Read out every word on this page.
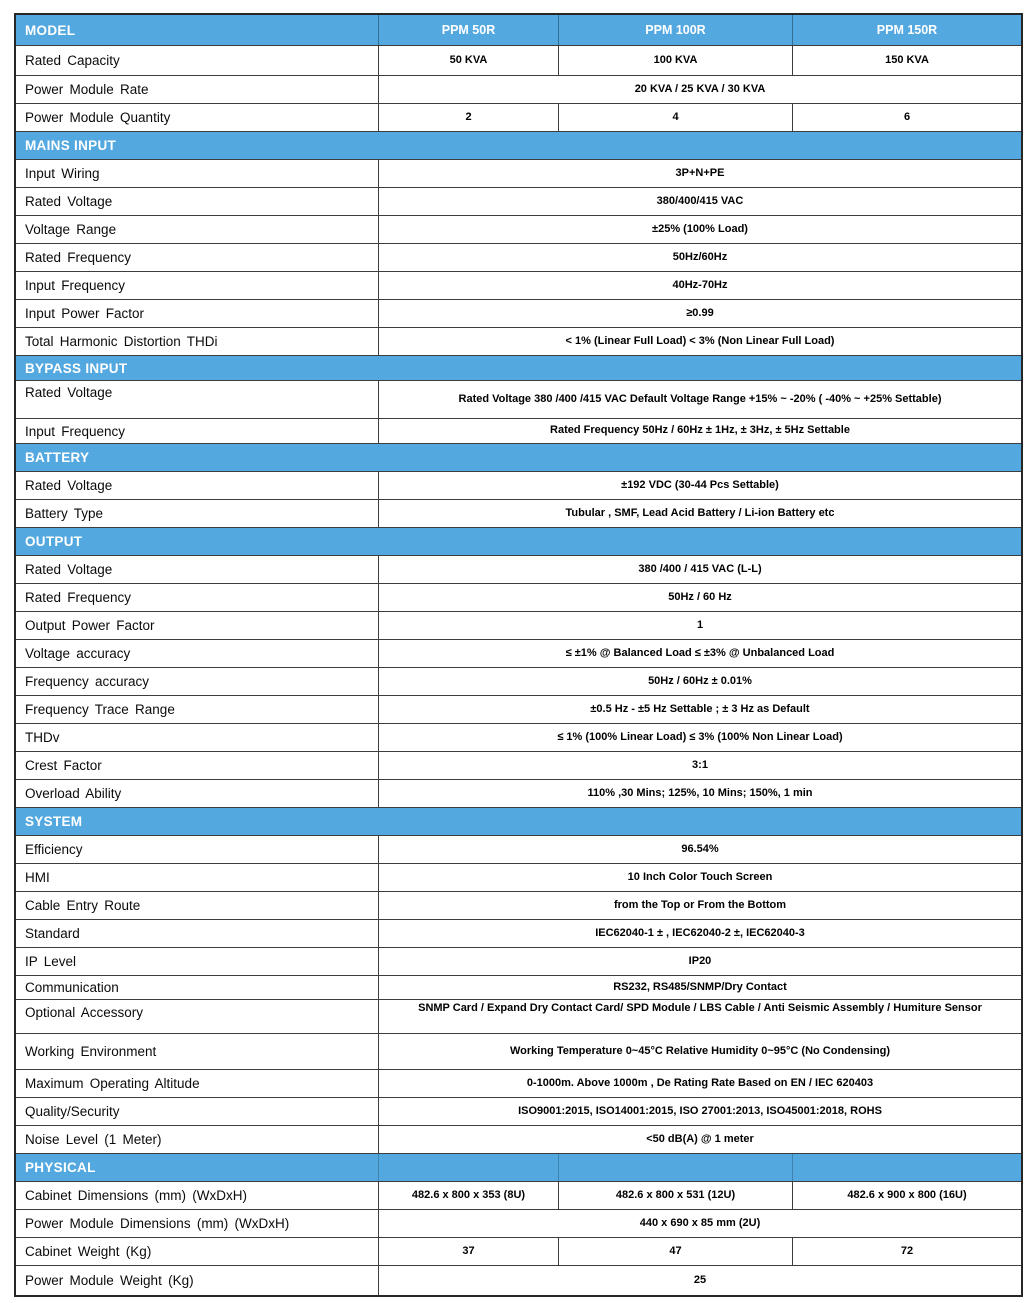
MODEL	PPM 50R	PPM 100R	PPM 150R
Rated Capacity	50 KVA	100 KVA	150 KVA
Power Module Rate	20 KVA / 25 KVA / 30 KVA
Power Module Quantity	2	4	6
MAINS INPUT
Input Wiring	3P+N+PE
Rated Voltage	380/400/415 VAC
Voltage Range	±25% (100% Load)
Rated Frequency	50Hz/60Hz
Input Frequency	40Hz-70Hz
Input Power Factor	≥0.99
Total Harmonic Distortion THDi	< 1% (Linear Full Load) < 3% (Non Linear Full Load)
BYPASS INPUT
Rated Voltage	Rated Voltage 380 /400 /415 VAC Default Voltage Range +15% ~ -20% ( -40% ~ +25% Settable)
Input Frequency	Rated Frequency 50Hz / 60Hz ± 1Hz, ± 3Hz, ± 5Hz Settable
BATTERY
Rated Voltage	±192 VDC (30-44 Pcs Settable)
Battery Type	Tubular , SMF, Lead Acid Battery / Li-ion Battery etc
OUTPUT
Rated Voltage	380 /400 / 415 VAC (L-L)
Rated Frequency	50Hz / 60 Hz
Output Power Factor	1
Voltage accuracy	≤ ±1% @ Balanced Load ≤ ±3% @ Unbalanced Load
Frequency accuracy	50Hz / 60Hz ± 0.01%
Frequency Trace Range	±0.5 Hz - ±5 Hz Settable ; ± 3 Hz as Default
THDv	≤ 1% (100% Linear Load) ≤ 3% (100% Non Linear Load)
Crest Factor	3:1
Overload Ability	110% ,30 Mins; 125%, 10 Mins; 150%, 1 min
SYSTEM
Efficiency	96.54%
HMI	10 Inch Color Touch Screen
Cable Entry Route	from the Top or From the Bottom
Standard	IEC62040-1 ± , IEC62040-2 ±, IEC62040-3
IP Level	IP20
Communication	RS232, RS485/SNMP/Dry Contact
Optional Accessory	SNMP Card / Expand Dry Contact Card/ SPD Module / LBS Cable / Anti Seismic Assembly / Humiture Sensor
Working Environment	Working Temperature 0~45°C Relative Humidity 0~95°C (No Condensing)
Maximum Operating Altitude	0-1000m. Above 1000m , De Rating Rate Based on EN / IEC 620403
Quality/Security	ISO9001:2015, ISO14001:2015, ISO 27001:2013, ISO45001:2018, ROHS
Noise Level (1 Meter)	<50 dB(A) @ 1 meter
PHYSICAL
Cabinet Dimensions (mm) (WxDxH)	482.6 x 800 x 353 (8U)	482.6 x 800 x 531 (12U)	482.6 x 900 x 800 (16U)
Power Module Dimensions (mm) (WxDxH)	440 x 690 x 85 mm (2U)
Cabinet Weight (Kg)	37	47	72
Power Module Weight (Kg)	25
